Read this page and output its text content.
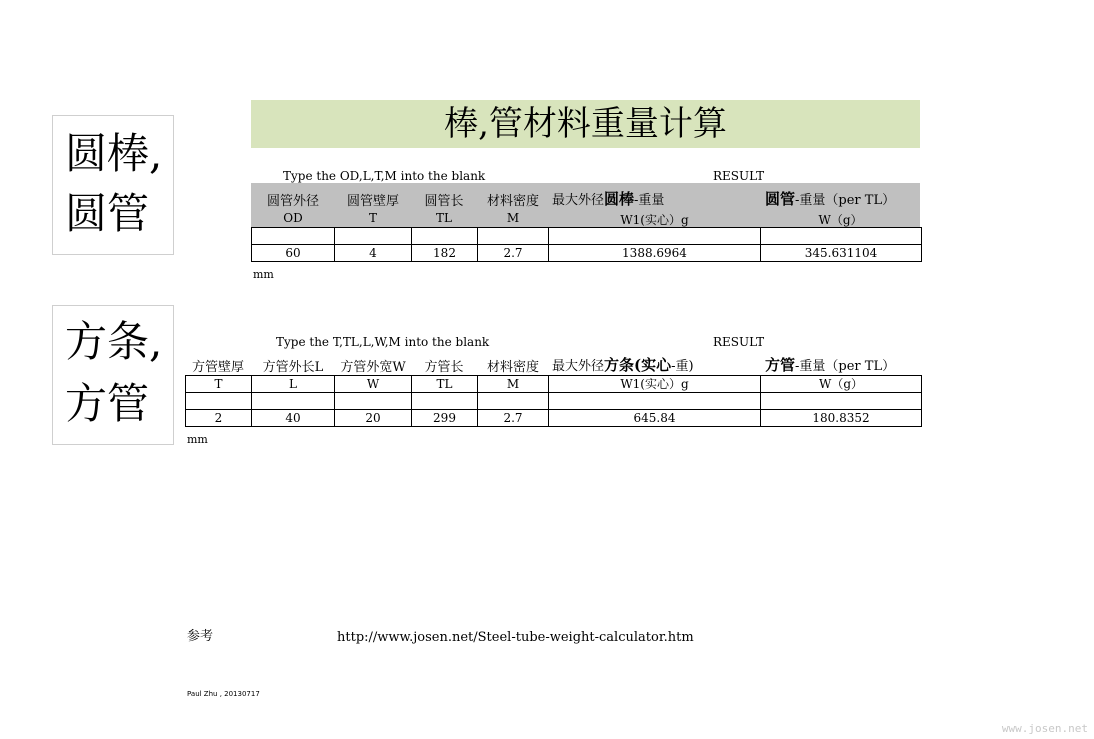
棒,管材料重量计算
圆棒,
圆管
Type the OD,L,T,M into the blank	RESULT
圆管外径	圆管壁厚	圆管长	材料密度	最大外径圆棒-重量	圆管-重量（per TL）
OD	T	TL	M	W1(实心）g	W（g）

60	4	182	2.7	1388.6964	345.631104
mm
方条,
方管
Type the T,TL,L,W,M into the blank	RESULT
方管壁厚	方管外长L	方管外宽W	方管长	材料密度	最大外径方条(实心-重)	方管-重量（per TL）
T	L	W	TL	M	W1(实心）g	W（g）

2	40	20	299	2.7	645.84	180.8352
mm
参考	http://www.josen.net/Steel-tube-weight-calculator.htm
Paul Zhu , 20130717
www.josen.net
